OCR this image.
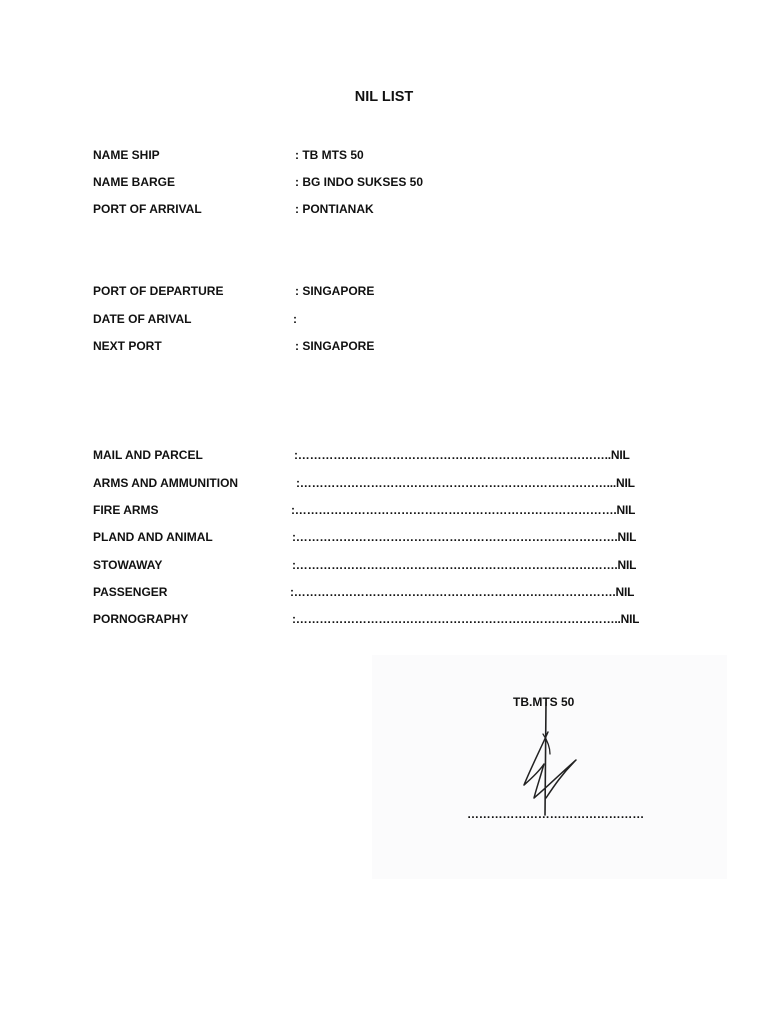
NIL LIST
NAME SHIP	: TB MTS 50
NAME BARGE	: BG INDO SUKSES 50
PORT OF ARRIVAL	: PONTIANAK
PORT OF DEPARTURE	: SINGAPORE
DATE OF ARIVAL	:
NEXT PORT	: SINGAPORE
MAIL AND PARCEL	:……………………………………………………………………..NIL
ARMS AND AMMUNITION	:……………………………………………………………………...NIL
FIRE ARMS	:……………………………………………………………………….NIL
PLAND AND ANIMAL	:……………………………………………………………………….NIL
STOWAWAY	:……………………………………………………………………….NIL
PASSENGER	:……………………………………………………………………….NIL
PORNOGRAPHY	:………………………………………………………………………..NIL
TB.MTS 50
………………………………………
